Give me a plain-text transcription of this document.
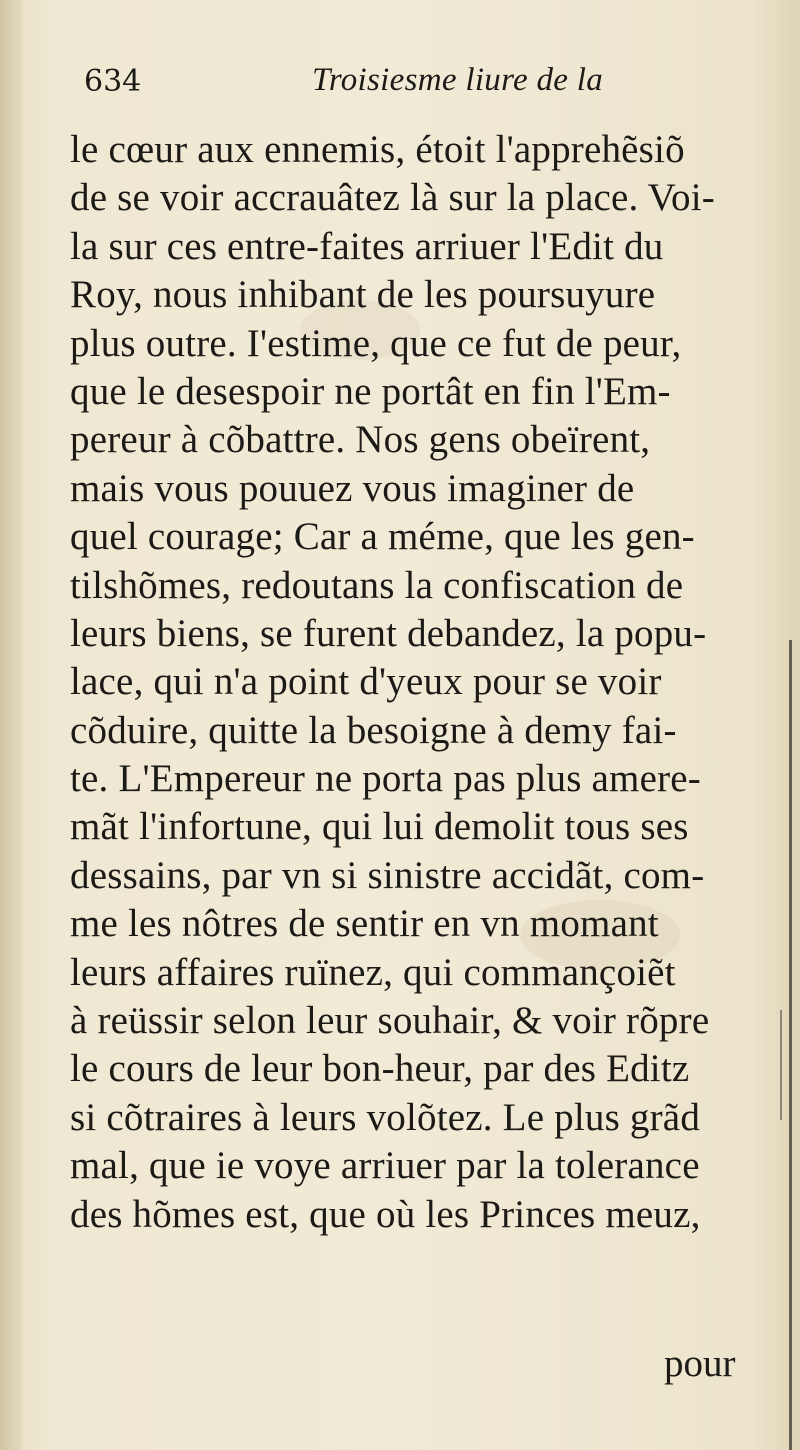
634	Troisiesme liure de la
le cœur aux ennemis, étoit l'apprehẽsiõ
de se voir accrauâtez là sur la place. Voi-
la sur ces entre-faites arriuer l'Edit du
Roy, nous inhibant de les poursuyure
plus outre. I'estime, que ce fut de peur,
que le desespoir ne portât en fin l'Em-
pereur à cõbattre. Nos gens obeïrent,
mais vous pouuez vous imaginer de
quel courage; Car a méme, que les gen-
tilshõmes, redoutans la confiscation de
leurs biens, se furent debandez, la popu-
lace, qui n'a point d'yeux pour se voir
cõduire, quitte la besoigne à demy fai-
te. L'Empereur ne porta pas plus amere-
mãt l'infortune, qui lui demolit tous ses
dessains, par vn si sinistre accidãt, com-
me les nôtres de sentir en vn momant
leurs affaires ruïnez, qui commançoiẽt
à reüssir selon leur souhair, & voir rõpre
le cours de leur bon-heur, par des Editz
si cõtraires à leurs volõtez. Le plus grãd
mal, que ie voye arriuer par la tolerance
des hõmes est, que où les Princes meuz,
pour
